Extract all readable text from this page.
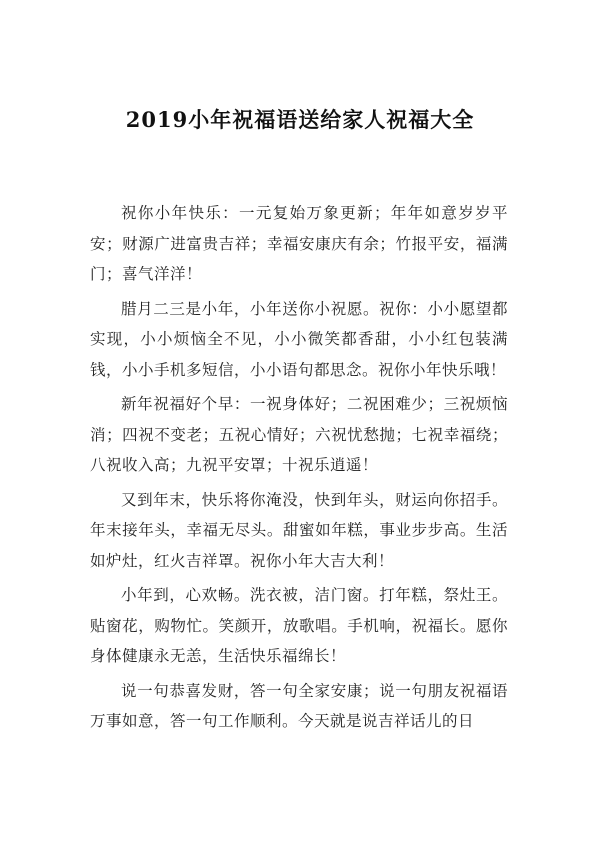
2019小年祝福语送给家人祝福大全

祝你小年快乐：一元复始万象更新；年年如意岁岁平安；财源广进富贵吉祥；幸福安康庆有余；竹报平安，福满门；喜气洋洋！

腊月二三是小年，小年送你小祝愿。祝你：小小愿望都实现，小小烦恼全不见，小小微笑都香甜，小小红包装满钱，小小手机多短信，小小语句都思念。祝你小年快乐哦！

新年祝福好个早：一祝身体好；二祝困难少；三祝烦恼消；四祝不变老；五祝心情好；六祝忧愁抛；七祝幸福绕；八祝收入高；九祝平安罩；十祝乐逍遥！

又到年末，快乐将你淹没，快到年头，财运向你招手。年末接年头，幸福无尽头。甜蜜如年糕，事业步步高。生活如炉灶，红火吉祥罩。祝你小年大吉大利！

小年到，心欢畅。洗衣被，洁门窗。打年糕，祭灶王。贴窗花，购物忙。笑颜开，放歌唱。手机响，祝福长。愿你身体健康永无恙，生活快乐福绵长！

说一句恭喜发财，答一句全家安康；说一句朋友祝福语万事如意，答一句工作顺利。今天就是说吉祥话儿的日
